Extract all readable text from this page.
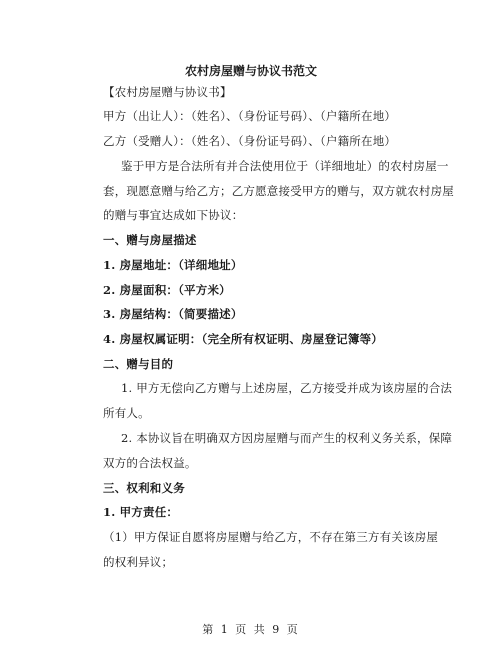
农村房屋赠与协议书范文
【农村房屋赠与协议书】
甲方（出让人）：（姓名）、（身份证号码）、（户籍所在地）
乙方（受赠人）：（姓名）、（身份证号码）、（户籍所在地）
鉴于甲方是合法所有并合法使用位于（详细地址）的农村房屋一
套，现愿意赠与给乙方；乙方愿意接受甲方的赠与，双方就农村房屋
的赠与事宜达成如下协议：
一、赠与房屋描述
1. 房屋地址：（详细地址）
2. 房屋面积：（平方米）
3. 房屋结构：（简要描述）
4. 房屋权属证明：（完全所有权证明、房屋登记簿等）
二、赠与目的
1. 甲方无偿向乙方赠与上述房屋，乙方接受并成为该房屋的合法
所有人。
2. 本协议旨在明确双方因房屋赠与而产生的权利义务关系，保障
双方的合法权益。
三、权利和义务
1. 甲方责任：
（1）甲方保证自愿将房屋赠与给乙方，不存在第三方有关该房屋
的权利异议；
第 1 页 共 9 页
